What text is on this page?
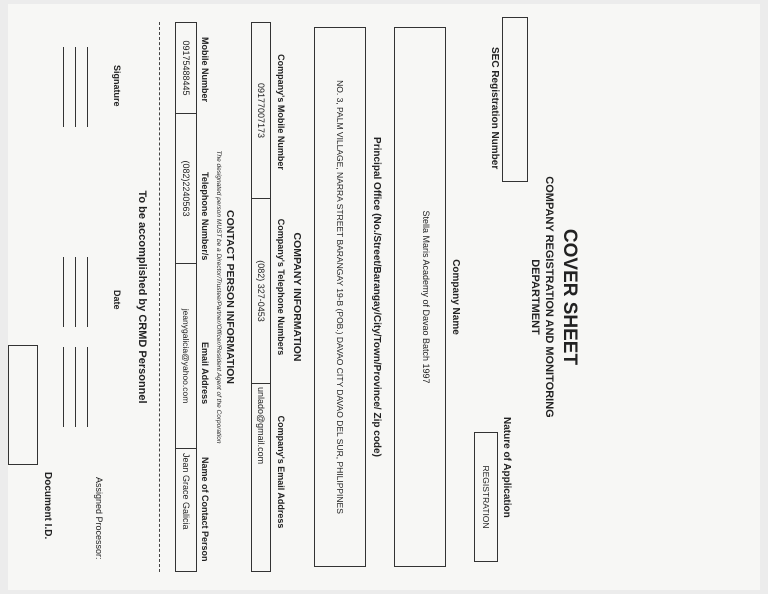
COVER SHEET
COMPANY REGISTRATION AND MONITORING
DEPARTMENT
SEC Registration Number
Nature of Application
REGISTRATION
Company Name
Stella Maris Academy of Davao Batch 1997
Principal Office (No./Street/Barangay/City/Town/Province/ Zip code)
NO. 3, PALM VILLAGE, NARRA STREET BARANGAY 19-B (POB.) DAVAO CITY DAVAO DEL SUR, PHILIPPINES
COMPANY INFORMATION
Company's Email Address
Company's Telephone Numbers
Company's Mobile Number
unlado@gmail.com
(082) 327-0453
09177007173
CONTACT PERSON INFORMATION
The designated person MUST be a Director/Trustee/Partner/Officer/Resident Agent of the Corporation
Name of Contact Person
Email Address
Telephone Number/s
Mobile Number
Jean Grace Galicia
jeanygalicia@yahoo.com
(082)2240563
09175488445
To be accomplished by CRMD Personnel
Date
Signature
Assigned Processor:
Document I.D.
